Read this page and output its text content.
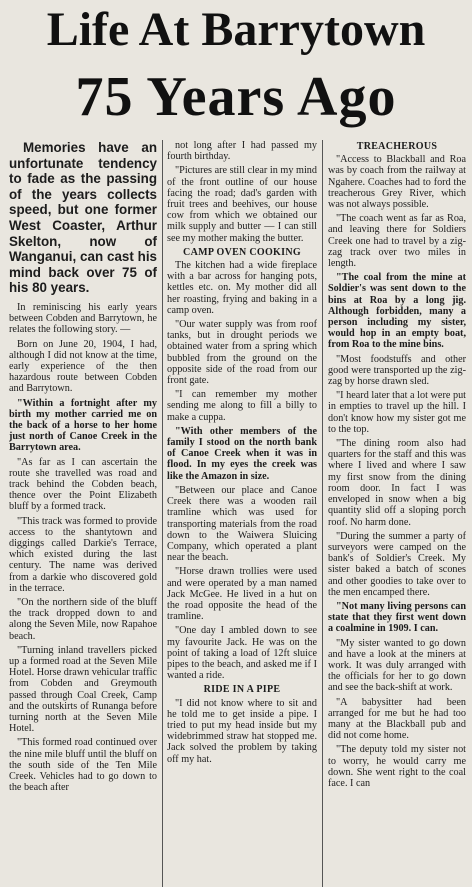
Life At Barrytown
75 Years Ago

Memories have an unfortunate tendency to fade as the passing of the years collects speed, but one former West Coaster, Arthur Skelton, now of Wanganui, can cast his mind back over 75 of his 80 years.

In reminiscing his early years between Cobden and Barrytown, he relates the following story. —

Born on June 20, 1904, I had, although I did not know at the time, early experience of the then hazardous route between Cobden and Barrytown.

"Within a fortnight after my birth my mother carried me on the back of a horse to her home just north of Canoe Creek in the Barrytown area.

"As far as I can ascertain the route she travelled was road and track behind the Cobden beach, thence over the Point Elizabeth bluff by a formed track.

"This track was formed to provide access to the shantytown and diggings called Darkie's Terrace, which existed during the last century. The name was derived from a darkie who discovered gold in the terrace.

"On the northern side of the bluff the track dropped down to and along the Seven Mile, now Rapahoe beach.

"Turning inland travellers picked up a formed road at the Seven Mile Hotel. Horse drawn vehicular traffic from Cobden and Greymouth passed through Coal Creek, Camp and the outskirts of Runanga before turning north at the Seven Mile Hotel.

"This formed road continued over the nine mile bluff until the bluff on the south side of the Ten Mile Creek. Vehicles had to go down to the beach after

not long after I had passed my fourth birthday.

"Pictures are still clear in my mind of the front outline of our house facing the road; dad's garden with fruit trees and beehives, our house cow from which we obtained our milk supply and butter — I can still see my mother making the butter.

CAMP OVEN COOKING

The kitchen had a wide fireplace with a bar across for hanging pots, kettles etc. on. My mother did all her roasting, frying and baking in a camp oven.

"Our water supply was from roof tanks, but in drought periods we obtained water from a spring which bubbled from the ground on the opposite side of the road from our front gate.

"I can remember my mother sending me along to fill a billy to make a cuppa.

"With other members of the family I stood on the north bank of Canoe Creek when it was in flood. In my eyes the creek was like the Amazon in size.

"Between our place and Canoe Creek there was a wooden rail tramline which was used for transporting materials from the road down to the Waiwera Sluicing Company, which operated a plant near the beach.

"Horse drawn trollies were used and were operated by a man named Jack McGee. He lived in a hut on the road opposite the head of the tramline.

"One day I ambled down to see my favourite Jack. He was on the point of taking a load of 12ft sluice pipes to the beach, and asked me if I wanted a ride.

RIDE IN A PIPE

"I did not know where to sit and he told me to get inside a pipe. I tried to put my head inside but my widebrimmed straw hat stopped me. Jack solved the problem by taking off my hat.

TREACHEROUS

"Access to Blackball and Roa was by coach from the railway at Ngahere. Coaches had to ford the treacherous Grey River, which was not always possible.

"The coach went as far as Roa, and leaving there for Soldiers Creek one had to travel by a zig-zag track over two miles in length.

"The coal from the mine at Soldier's was sent down to the bins at Roa by a long jig. Although forbidden, many a person including my sister, would hop in an empty boat, from Roa to the mine bins.

"Most foodstuffs and other good were transported up the zig-zag by horse drawn sled.

"I heard later that a lot were put in empties to travel up the hill. I don't know how my sister got me to the top.

"The dining room also had quarters for the staff and this was where I lived and where I saw my first snow from the dining room door. In fact I was enveloped in snow when a big quantity slid off a sloping porch roof. No harm done.

"During the summer a party of surveyors were camped on the bank's of Soldier's Creek. My sister baked a batch of scones and other goodies to take over to the men encamped there.

"Not many living persons can state that they first went down a coalmine in 1909. I can.

"My sister wanted to go down and have a look at the miners at work. It was duly arranged with the officials for her to go down and see the back-shift at work.

"A babysitter had been arranged for me but he had too many at the Blackball pub and did not come home.

"The deputy told my sister not to worry, he would carry me down. She went right to the coal face. I can
